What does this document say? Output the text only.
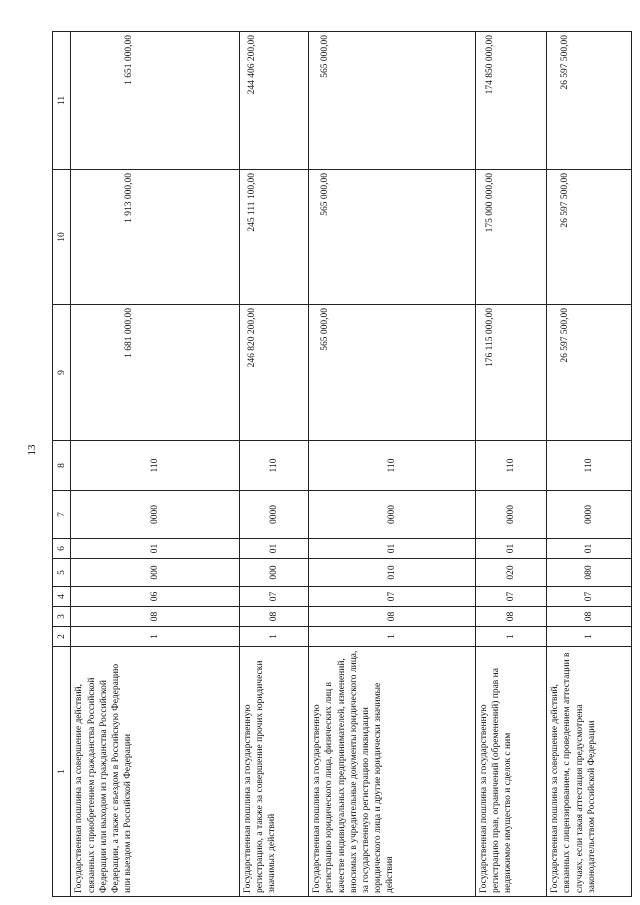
13
1	2	3	4	5	6	7	8	9	10	11
Государственная пошлина за совершение действий, связанных с приобретением гражданства Российской Федерации или выходом из гражданства Российской Федерации, а также с въездом в Российскую Федерацию или выездом из Российской Федерации	1	08	06	000	01	0000	110	1 681 000,00	1 913 000,00	1 651 000,00
Государственная пошлина за государственную регистрацию, а также за совершение прочих юридически значимых действий	1	08	07	000	01	0000	110	246 820 200,00	245 111 100,00	244 406 200,00
Государственная пошлина за государственную регистрацию юридического лица, физических лиц в качестве индивидуальных предпринимателей, изменений, вносимых в учредительные документы юридического лица, за государственную регистрацию ликвидации юридического лица и другие юридически значимые действия	1	08	07	010	01	0000	110	565 000,00	565 000,00	565 000,00
Государственная пошлина за государственную регистрацию прав, ограничений (обременений) прав на недвижимое имущество и сделок с ним	1	08	07	020	01	0000	110	176 115 000,00	175 000 000,00	174 850 000,00
Государственная пошлина за совершение действий, связанных с лицензированием, с проведением аттестации в случаях, если такая аттестация предусмотрена законодательством Российской Федерации	1	08	07	080	01	0000	110	26 597 500,00	26 597 500,00	26 597 500,00
